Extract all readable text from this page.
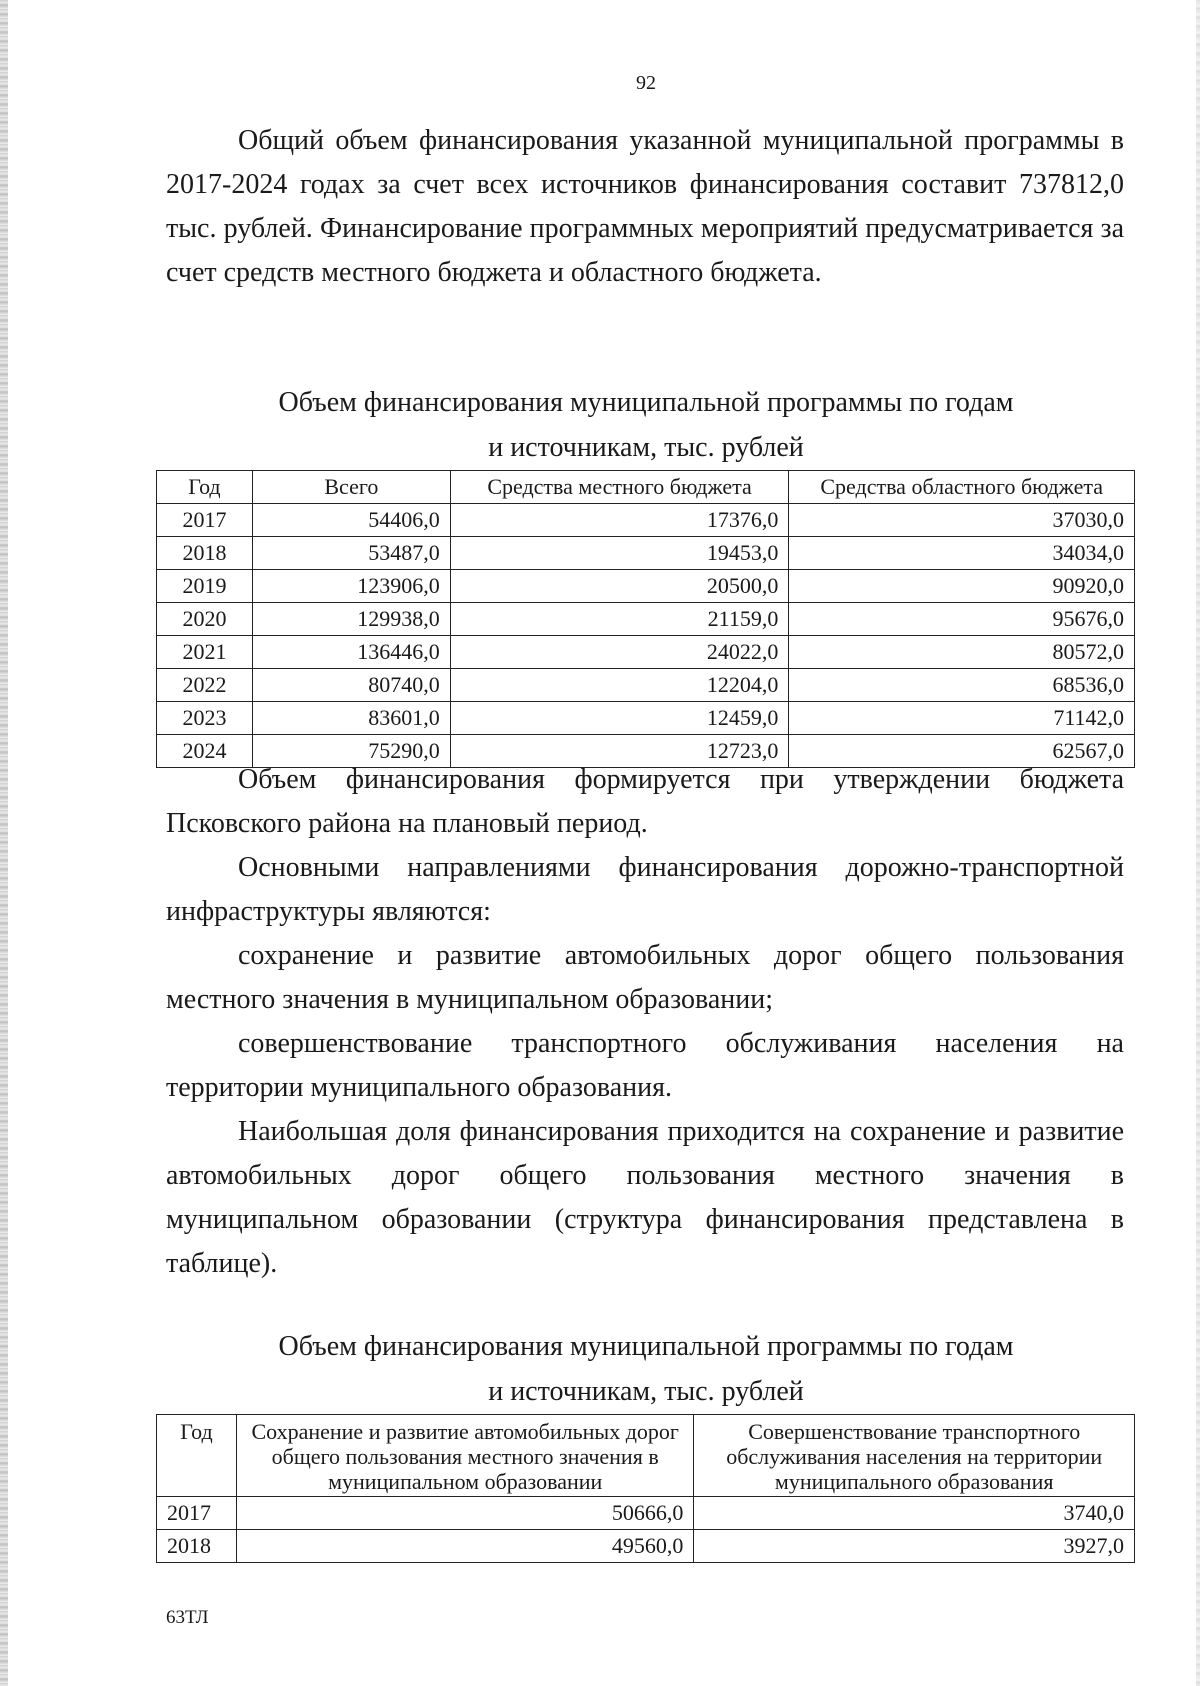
92

Общий объем финансирования указанной муниципальной программы в 2017-2024 годах за счет всех источников финансирования составит 737812,0 тыс. рублей. Финансирование программных мероприятий предусматривается за счет средств местного бюджета и областного бюджета.

Объем финансирования муниципальной программы по годам
и источникам, тыс. рублей
Год	Всего	Средства местного бюджета	Средства областного бюджета
2017	54406,0	17376,0	37030,0
2018	53487,0	19453,0	34034,0
2019	123906,0	20500,0	90920,0
2020	129938,0	21159,0	95676,0
2021	136446,0	24022,0	80572,0
2022	80740,0	12204,0	68536,0
2023	83601,0	12459,0	71142,0
2024	75290,0	12723,0	62567,0

Объем финансирования формируется при утверждении бюджета Псковского района на плановый период.

Основными направлениями финансирования дорожно-транспортной инфраструктуры являются:

сохранение и развитие автомобильных дорог общего пользования местного значения в муниципальном образовании;

совершенствование транспортного обслуживания населения на территории муниципального образования.

Наибольшая доля финансирования приходится на сохранение и развитие автомобильных дорог общего пользования местного значения в муниципальном образовании (структура финансирования представлена в таблице).

Объем финансирования муниципальной программы по годам
и источникам, тыс. рублей
Год	Сохранение и развитие автомобильных дорог общего пользования местного значения в муниципальном образовании	Совершенствование транспортного обслуживания населения на территории муниципального образования
2017	50666,0	3740,0
2018	49560,0	3927,0
63ТЛ
